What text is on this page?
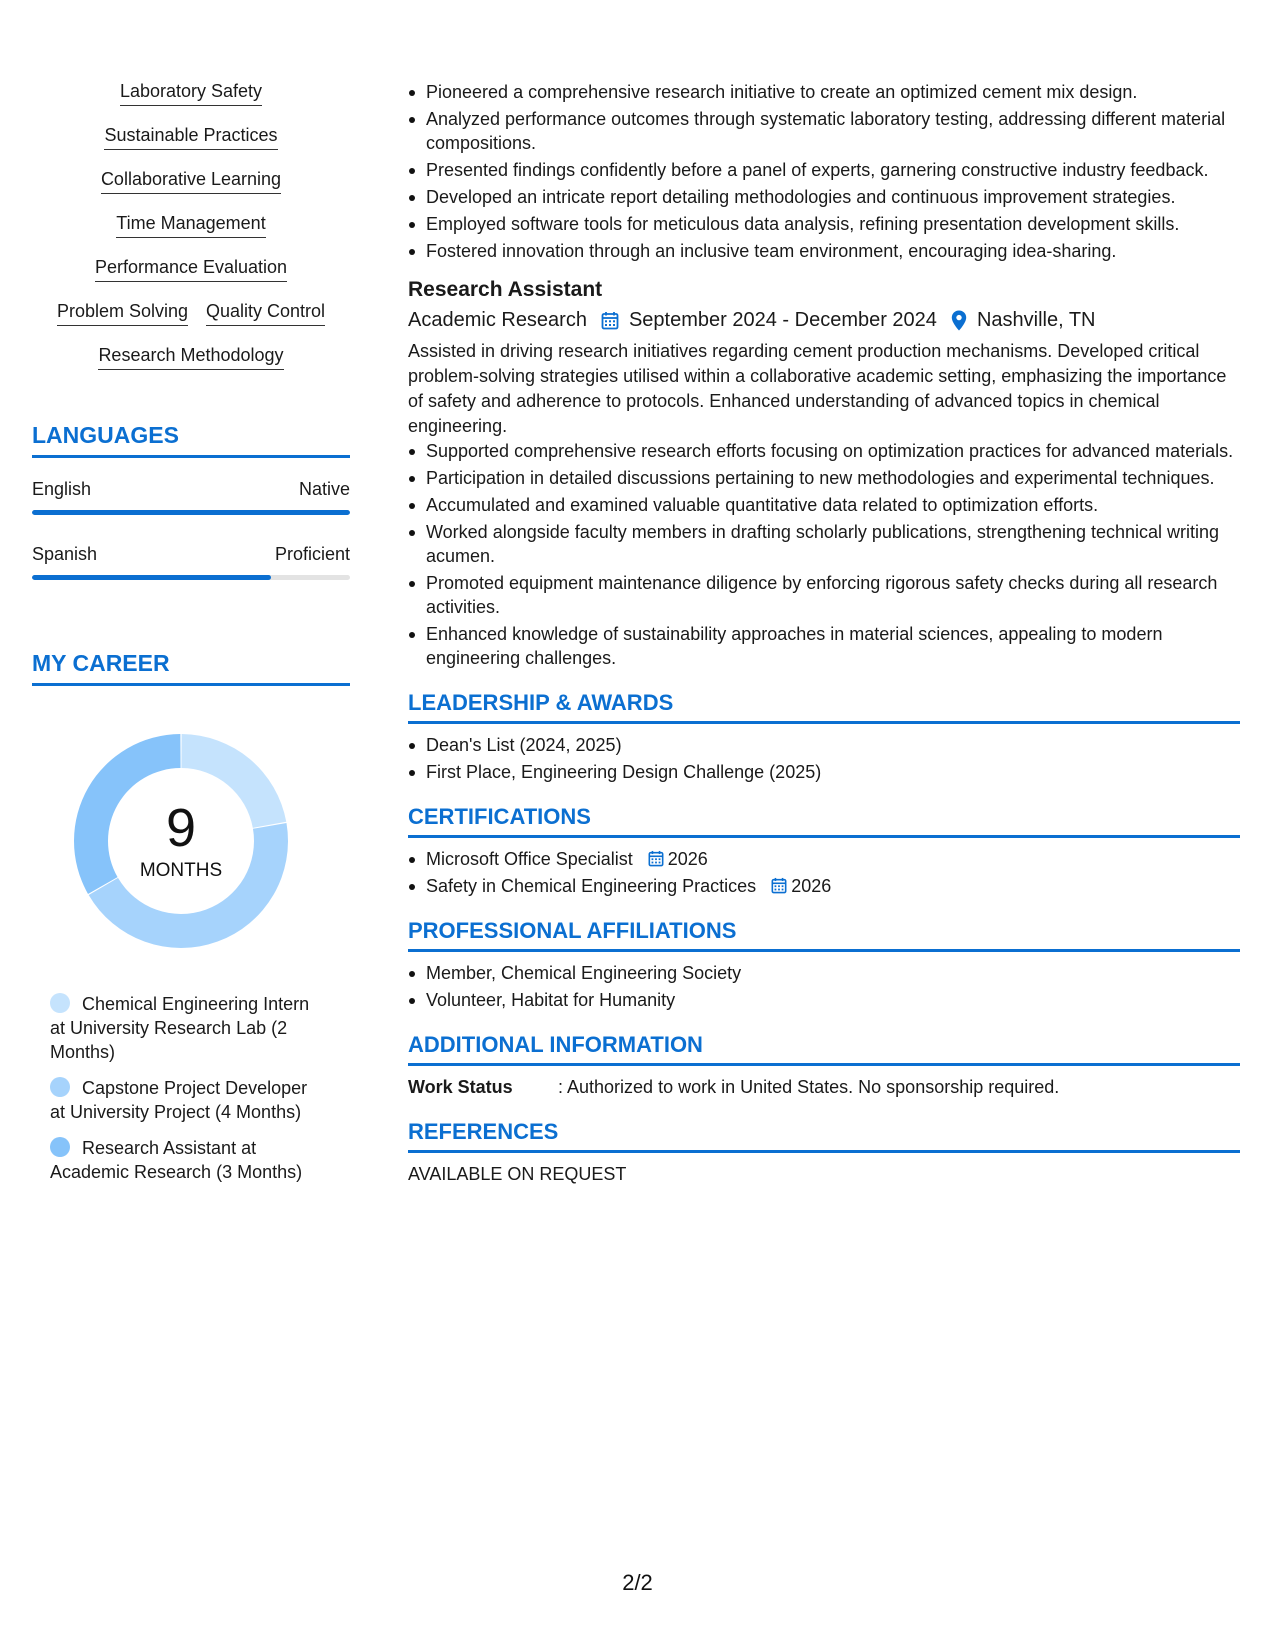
Laboratory Safety
Sustainable Practices
Collaborative Learning
Time Management
Performance Evaluation
Problem Solving Quality Control
Research Methodology
LANGUAGES
English	Native
Spanish	Proficient
MY CAREER
9
MONTHS
Chemical Engineering Intern at University Research Lab (2 Months)
Capstone Project Developer at University Project (4 Months)
Research Assistant at Academic Research (3 Months)
Pioneered a comprehensive research initiative to create an optimized cement mix design.
Analyzed performance outcomes through systematic laboratory testing, addressing different material compositions.
Presented findings confidently before a panel of experts, garnering constructive industry feedback.
Developed an intricate report detailing methodologies and continuous improvement strategies.
Employed software tools for meticulous data analysis, refining presentation development skills.
Fostered innovation through an inclusive team environment, encouraging idea-sharing.
Research Assistant
Academic Research September 2024 - December 2024 Nashville, TN
Assisted in driving research initiatives regarding cement production mechanisms. Developed critical problem-solving strategies utilised within a collaborative academic setting, emphasizing the importance of safety and adherence to protocols. Enhanced understanding of advanced topics in chemical engineering.
Supported comprehensive research efforts focusing on optimization practices for advanced materials.
Participation in detailed discussions pertaining to new methodologies and experimental techniques.
Accumulated and examined valuable quantitative data related to optimization efforts.
Worked alongside faculty members in drafting scholarly publications, strengthening technical writing acumen.
Promoted equipment maintenance diligence by enforcing rigorous safety checks during all research activities.
Enhanced knowledge of sustainability approaches in material sciences, appealing to modern engineering challenges.
LEADERSHIP & AWARDS
Dean's List (2024, 2025)
First Place, Engineering Design Challenge (2025)
CERTIFICATIONS
Microsoft Office Specialist 2026
Safety in Chemical Engineering Practices 2026
PROFESSIONAL AFFILIATIONS
Member, Chemical Engineering Society
Volunteer, Habitat for Humanity
ADDITIONAL INFORMATION
Work Status	: Authorized to work in United States. No sponsorship required.
REFERENCES
AVAILABLE ON REQUEST
2/2
